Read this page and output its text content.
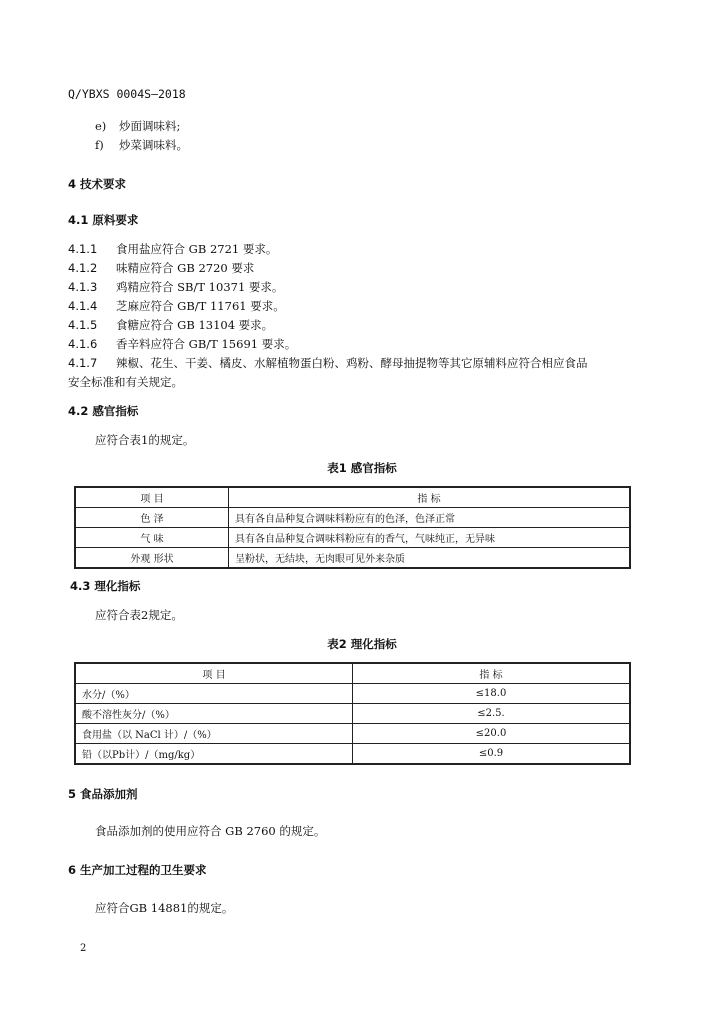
Q/YBXS 0004S—2018
e) 炒面调味料;
f) 炒菜调味料。
4 技术要求
4.1 原料要求
4.1.1 食用盐应符合 GB 2721 要求。
4.1.2 味精应符合 GB 2720 要求
4.1.3 鸡精应符合 SB/T 10371 要求。
4.1.4 芝麻应符合 GB/T 11761 要求。
4.1.5 食糖应符合 GB 13104 要求。
4.1.6 香辛料应符合 GB/T 15691 要求。
4.1.7 辣椒、花生、干姜、橘皮、水解植物蛋白粉、鸡粉、酵母抽提物等其它原辅料应符合相应食品
安全标准和有关规定。
4.2 感官指标
应符合表1的规定。
表1 感官指标
项 目	指 标
色 泽	具有各自品种复合调味料粉应有的色泽，色泽正常
气 味	具有各自品种复合调味料粉应有的香气，气味纯正，无异味
外观 形状	呈粉状，无结块，无肉眼可见外来杂质
4.3 理化指标
应符合表2规定。
表2 理化指标
项 目	指 标
水分/（%）	≤18.0
酸不溶性灰分/（%）	≤2.5.
食用盐（以 NaCl 计）/（%）	≤20.0
铅（以Pb计）/（mg/kg）	≤0.9
5 食品添加剂
食品添加剂的使用应符合 GB 2760 的规定。
6 生产加工过程的卫生要求
应符合GB 14881的规定。
2
